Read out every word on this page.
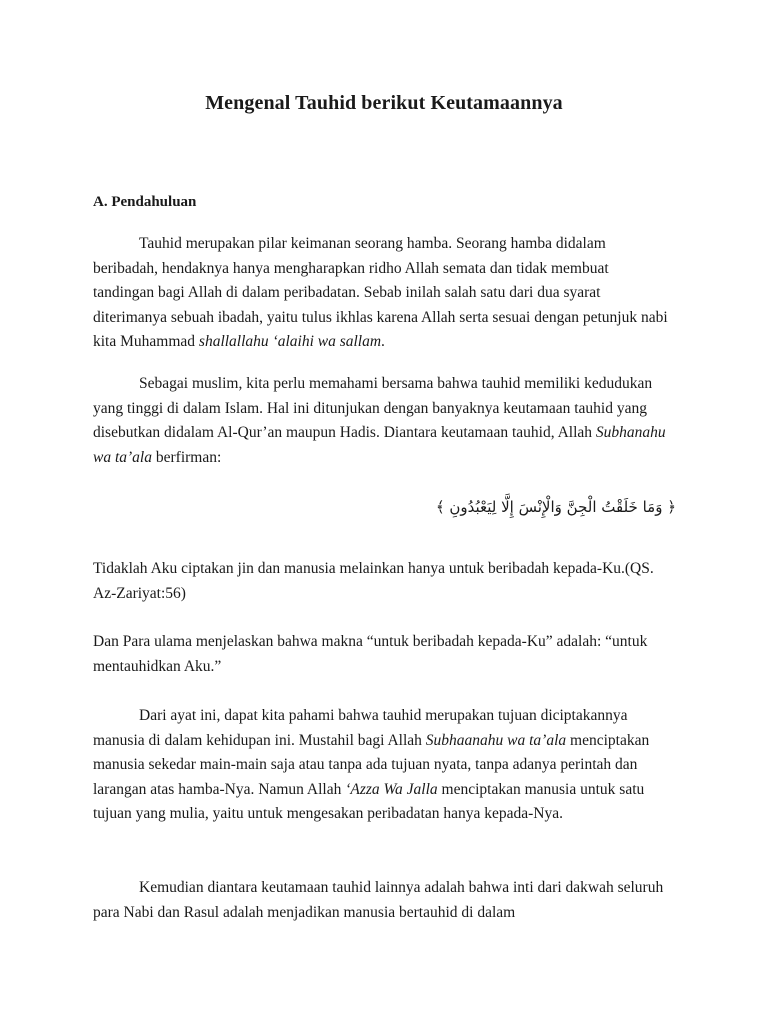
Mengenal Tauhid berikut Keutamaannya
A. Pendahuluan

Tauhid merupakan pilar keimanan seorang hamba. Seorang hamba didalam beribadah, hendaknya hanya mengharapkan ridho Allah semata dan tidak membuat tandingan bagi Allah di dalam peribadatan. Sebab inilah salah satu dari dua syarat diterimanya sebuah ibadah, yaitu tulus ikhlas karena Allah serta sesuai dengan petunjuk nabi kita Muhammad shallallahu ‘alaihi wa sallam.

Sebagai muslim, kita perlu memahami bersama bahwa tauhid memiliki kedudukan yang tinggi di dalam Islam. Hal ini ditunjukan dengan banyaknya keutamaan tauhid yang disebutkan didalam Al-Qur’an maupun Hadis. Diantara keutamaan tauhid, Allah Subhanahu wa ta’ala berfirman:

﴿ وَمَا خَلَقْتُ الْجِنَّ وَالْإِنْسَ إِلَّا لِيَعْبُدُونِ ﴾

Tidaklah Aku ciptakan jin dan manusia melainkan hanya untuk beribadah kepada-Ku.(QS. Az-Zariyat:56)

Dan Para ulama menjelaskan bahwa makna “untuk beribadah kepada-Ku” adalah: “untuk mentauhidkan Aku.”

Dari ayat ini, dapat kita pahami bahwa tauhid merupakan tujuan diciptakannya manusia di dalam kehidupan ini. Mustahil bagi Allah Subhaanahu wa ta’ala menciptakan manusia sekedar main-main saja atau tanpa ada tujuan nyata, tanpa adanya perintah dan larangan atas hamba-Nya. Namun Allah ‘Azza Wa Jalla menciptakan manusia untuk satu tujuan yang mulia, yaitu untuk mengesakan peribadatan hanya kepada-Nya.

Kemudian diantara keutamaan tauhid lainnya adalah bahwa inti dari dakwah seluruh para Nabi dan Rasul adalah menjadikan manusia bertauhid di dalam
